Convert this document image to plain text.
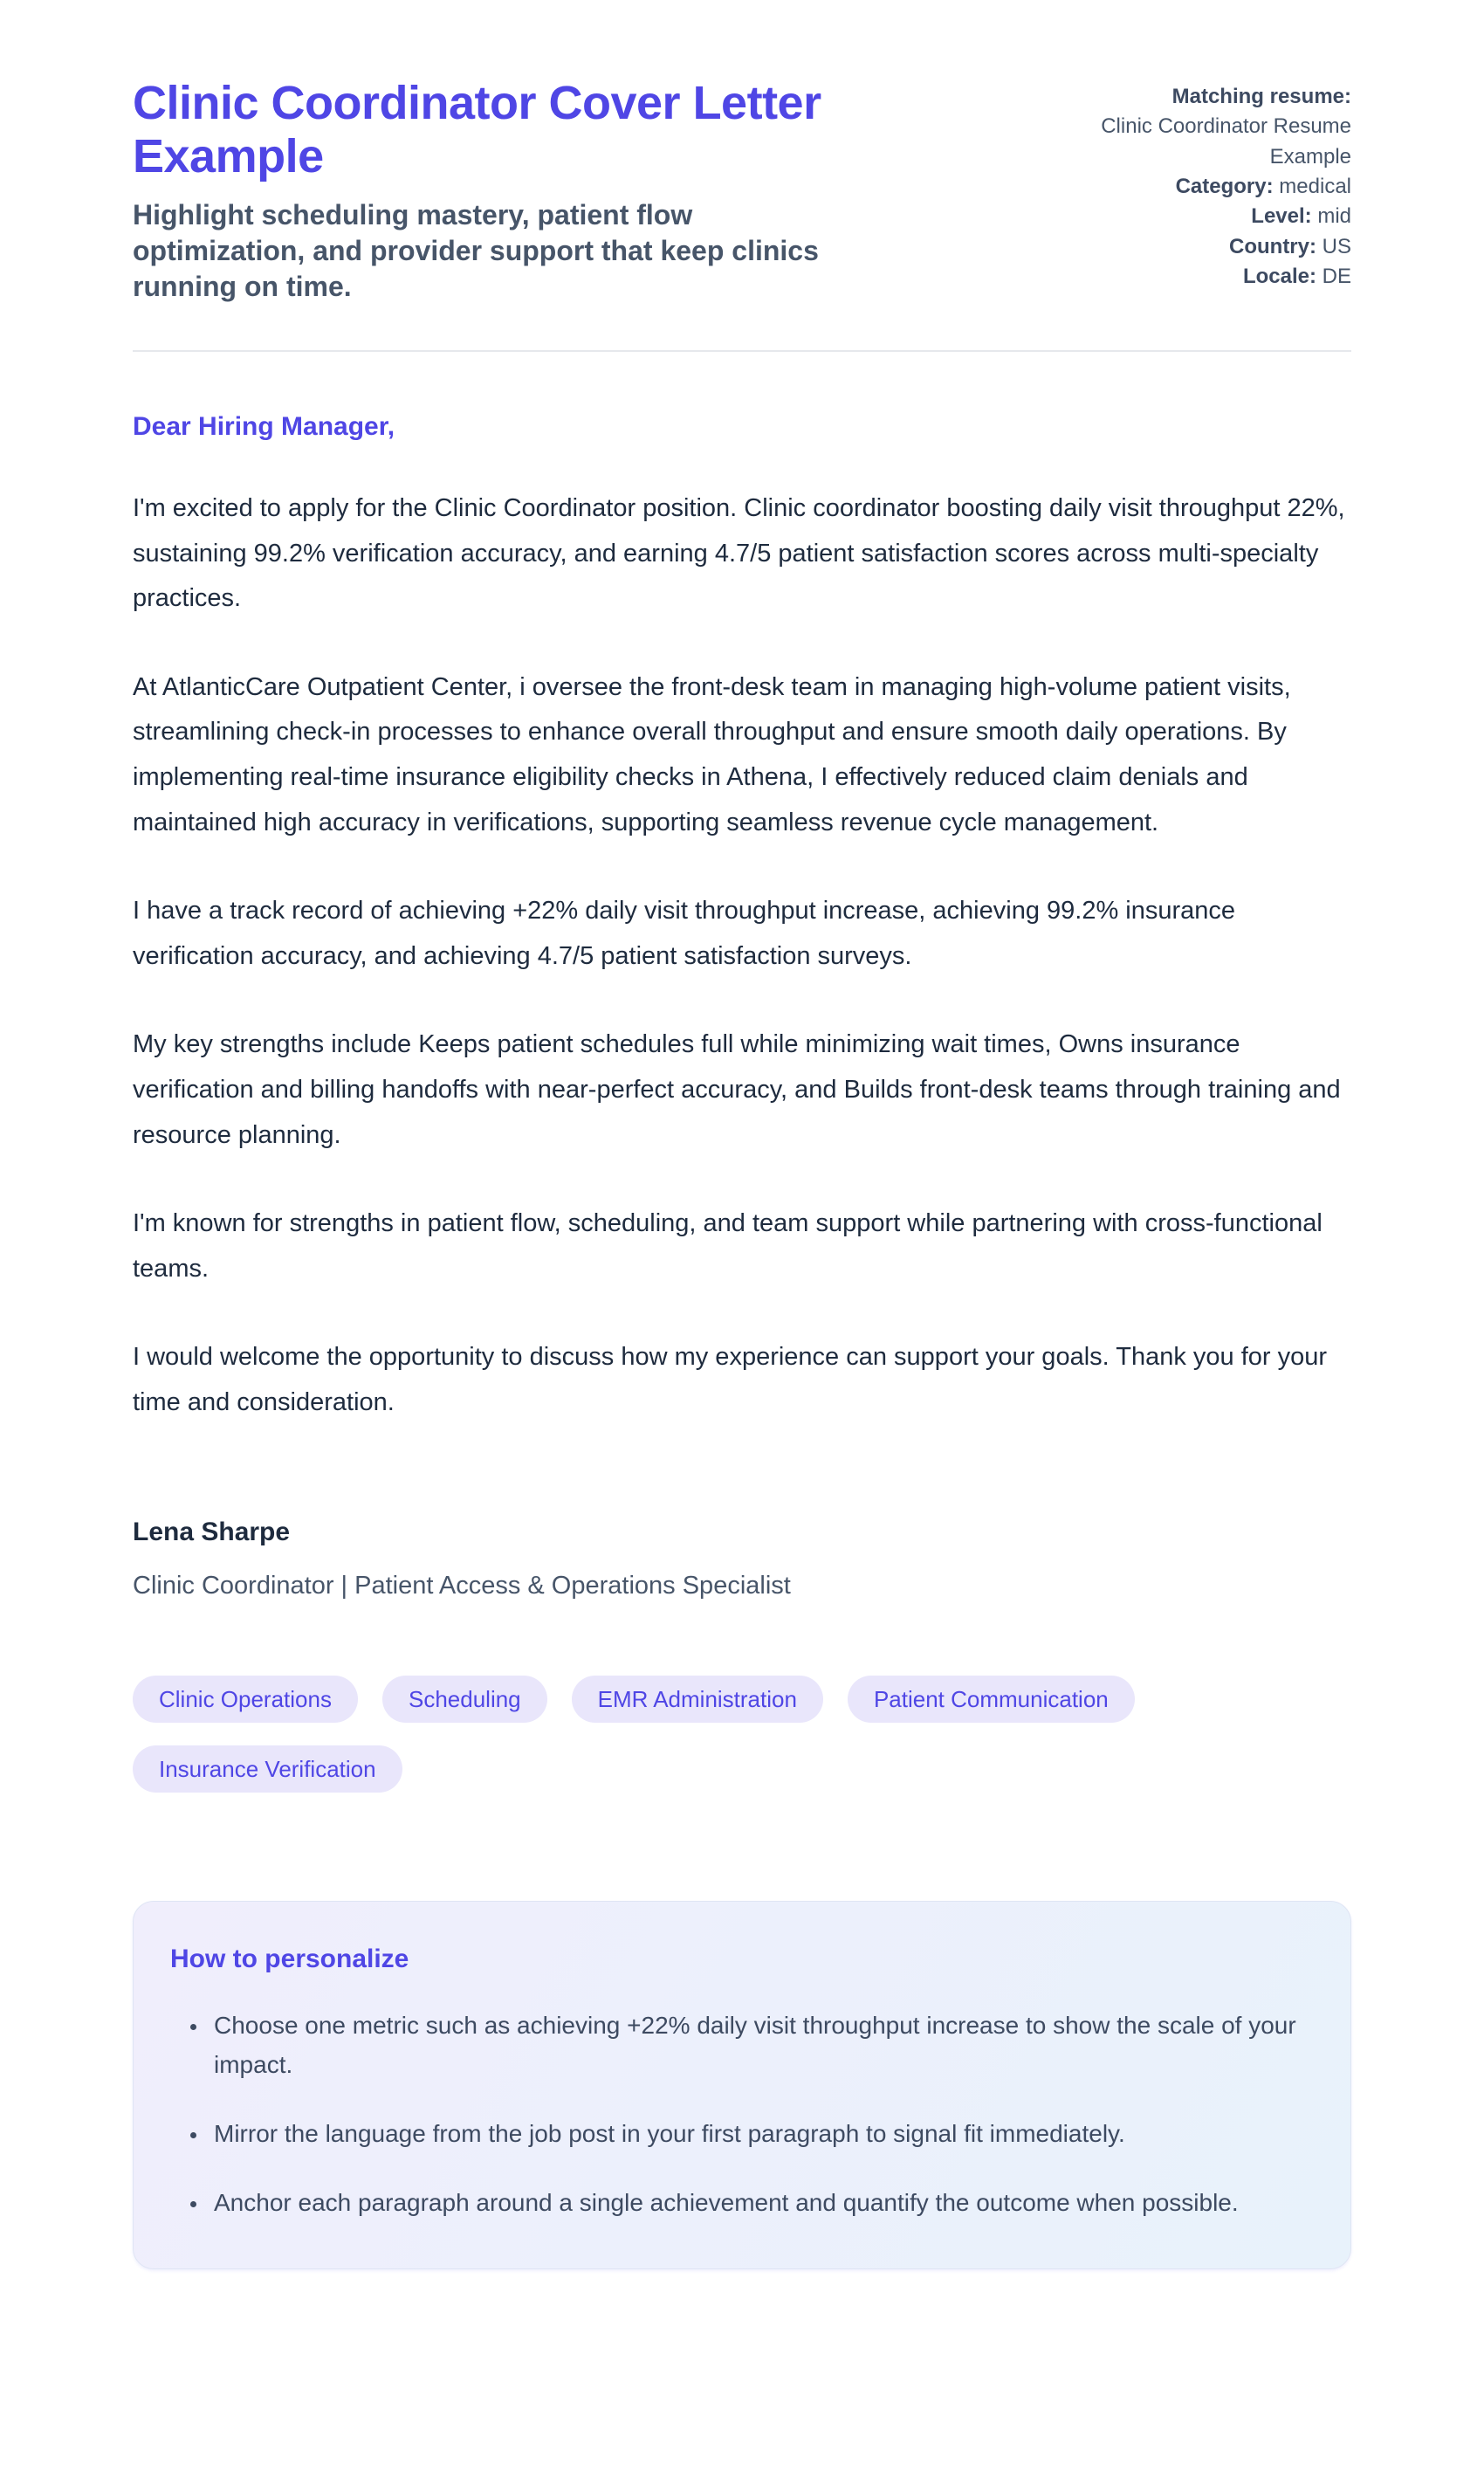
Clinic Coordinator Cover Letter Example

Highlight scheduling mastery, patient flow optimization, and provider support that keep clinics running on time.

Matching resume:
Clinic Coordinator Resume Example

Category: medical

Level: mid

Country: US

Locale: DE

Dear Hiring Manager,

I'm excited to apply for the Clinic Coordinator position. Clinic coordinator boosting daily visit throughput 22%, sustaining 99.2% verification accuracy, and earning 4.7/5 patient satisfaction scores across multi-specialty practices.

At AtlanticCare Outpatient Center, i oversee the front-desk team in managing high-volume patient visits, streamlining check-in processes to enhance overall throughput and ensure smooth daily operations. By implementing real-time insurance eligibility checks in Athena, I effectively reduced claim denials and maintained high accuracy in verifications, supporting seamless revenue cycle management.

I have a track record of achieving +22% daily visit throughput increase, achieving 99.2% insurance verification accuracy, and achieving 4.7/5 patient satisfaction surveys.

My key strengths include Keeps patient schedules full while minimizing wait times, Owns insurance verification and billing handoffs with near-perfect accuracy, and Builds front-desk teams through training and resource planning.

I'm known for strengths in patient flow, scheduling, and team support while partnering with cross-functional teams.

I would welcome the opportunity to discuss how my experience can support your goals. Thank you for your time and consideration.

Lena Sharpe

Clinic Coordinator | Patient Access & Operations Specialist

Clinic Operations	Scheduling	EMR Administration	Patient Communication
Insurance Verification
How to personalize
• Choose one metric such as achieving +22% daily visit throughput increase to show the scale of your impact.
• Mirror the language from the job post in your first paragraph to signal fit immediately.
• Anchor each paragraph around a single achievement and quantify the outcome when possible.
